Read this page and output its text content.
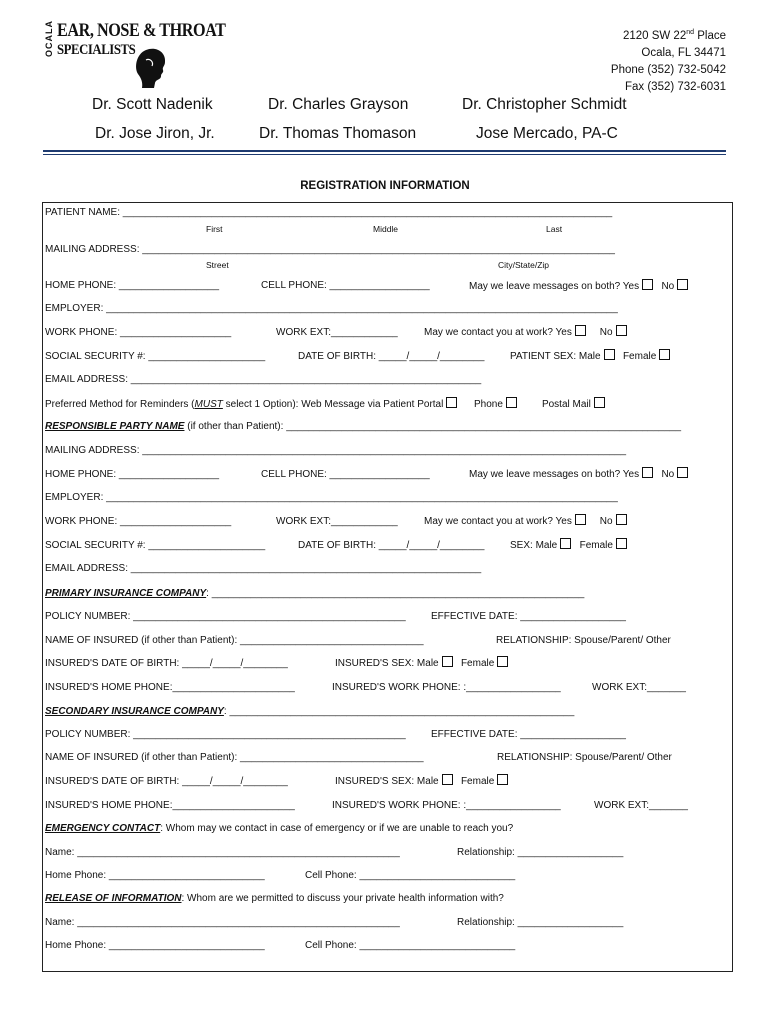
OCALA EAR, NOSE & THROAT
SPECIALISTS
2120 SW 22nd Place
Ocala, FL 34471
Phone (352) 732-5042
Fax (352) 732-6031
Dr. Scott Nadenik	Dr. Charles Grayson	Dr. Christopher Schmidt
Dr. Jose Jiron, Jr.	Dr. Thomas Thomason	Jose Mercado, PA-C
REGISTRATION INFORMATION
PATIENT NAME: ________________________________________________________________________________________
First	Middle	Last
MAILING ADDRESS: _____________________________________________________________________________________
Street	City/State/Zip
HOME PHONE: __________________	CELL PHONE: __________________	May we leave messages on both? Yes No
EMPLOYER: ____________________________________________________________________________________________
WORK PHONE: ____________________	WORK EXT:____________	May we contact you at work? Yes	No
SOCIAL SECURITY #: _____________________	DATE OF BIRTH: _____/_____/________	PATIENT SEX: Male Female
EMAIL ADDRESS: _______________________________________________________________
Preferred Method for Reminders (MUST select 1 Option): Web Message via Patient Portal	Phone	Postal Mail
RESPONSIBLE PARTY NAME (if other than Patient): _______________________________________________________________________
MAILING ADDRESS: _______________________________________________________________________________________
HOME PHONE: __________________	CELL PHONE: __________________	May we leave messages on both? Yes No
EMPLOYER: ____________________________________________________________________________________________
WORK PHONE: ____________________	WORK EXT:____________	May we contact you at work? Yes	No
SOCIAL SECURITY #: _____________________	DATE OF BIRTH: _____/_____/________	SEX: Male Female
EMAIL ADDRESS: _______________________________________________________________
PRIMARY INSURANCE COMPANY: ___________________________________________________________________
POLICY NUMBER: _________________________________________________	EFFECTIVE DATE: ___________________
NAME OF INSURED (if other than Patient): _________________________________	RELATIONSHIP: Spouse/Parent/ Other
INSURED'S DATE OF BIRTH: _____/_____/________	INSURED'S SEX: Male Female
INSURED'S HOME PHONE:______________________	INSURED'S WORK PHONE: :_________________	WORK EXT:_______
SECONDARY INSURANCE COMPANY: ______________________________________________________________
POLICY NUMBER: _________________________________________________	EFFECTIVE DATE: ___________________
NAME OF INSURED (if other than Patient): _________________________________	RELATIONSHIP: Spouse/Parent/ Other
INSURED'S DATE OF BIRTH: _____/_____/________	INSURED'S SEX: Male Female
INSURED'S HOME PHONE:______________________	INSURED'S WORK PHONE: :_________________	WORK EXT:_______
EMERGENCY CONTACT: Whom may we contact in case of emergency or if we are unable to reach you?
Name: __________________________________________________________	Relationship: ___________________
Home Phone: ____________________________	Cell Phone: ____________________________
RELEASE OF INFORMATION: Whom are we permitted to discuss your private health information with?
Name: __________________________________________________________	Relationship: ___________________
Home Phone: ____________________________	Cell Phone: ____________________________
